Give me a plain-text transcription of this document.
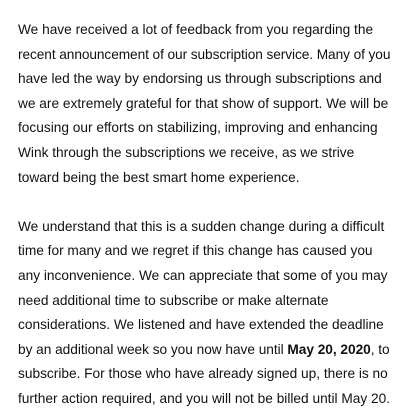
We have received a lot of feedback from you regarding the
recent announcement of our subscription service. Many of you
have led the way by endorsing us through subscriptions and
we are extremely grateful for that show of support. We will be
focusing our efforts on stabilizing, improving and enhancing
Wink through the subscriptions we receive, as we strive
toward being the best smart home experience.

We understand that this is a sudden change during a difficult
time for many and we regret if this change has caused you
any inconvenience. We can appreciate that some of you may
need additional time to subscribe or make alternate
considerations. We listened and have extended the deadline
by an additional week so you now have until May 20, 2020, to
subscribe. For those who have already signed up, there is no
further action required, and you will not be billed until May 20.
